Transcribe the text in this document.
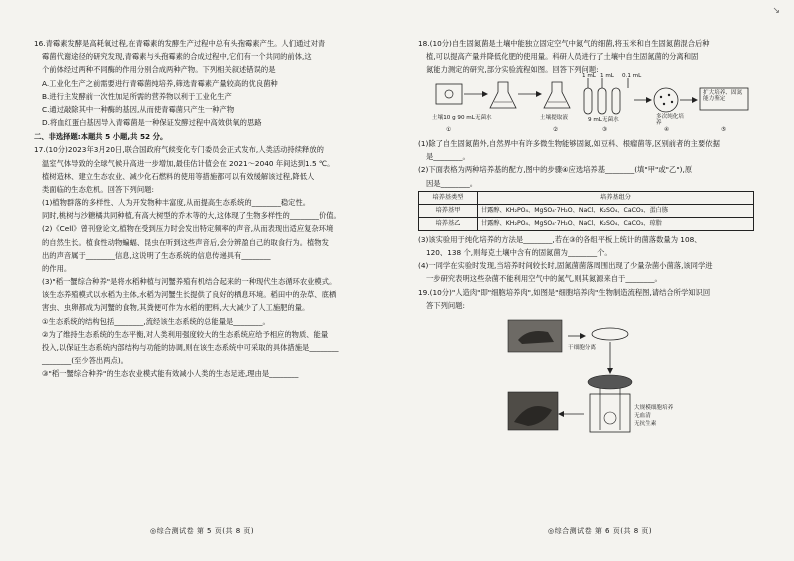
↘

16.青霉素发酵是高耗氧过程,在青霉素的发酵生产过程中总有头孢霉素产生。人们通过对青

霉菌代谢途径的研究发现,青霉素与头孢霉素的合成过程中,它们有一个共同的前体,这

个前体经过两种不同酶的作用分别合成两种产物。下列相关叙述错误的是

A.工业化生产之前需要进行青霉菌纯培养,筛选青霉素产量较高的优良菌种

B.进行主发酵前一次性加足所需的营养物以利于工业化生产

C.通过敲除其中一种酶的基因,从而使青霉菌只产生一种产物

D.将血红蛋白基因导入青霉菌是一种保证发酵过程中高效供氧的思路

二、非选择题:本题共 5 小题,共 52 分。

17.(10分)2023年3月20日,联合国政府气候变化专门委员会正式发布,人类活动持续释放的

温室气体导致的全球气候升高进一步增加,最佳估计值会在 2021～2040 年间达到1.5 ℃。

植树造林、建立生态农业、减少化石燃料的使用等措施都可以有效缓解该过程,降低人

类面临的生态危机。回答下列问题:

(1)植物群落的多样性、人为开发物种丰富度,从而提高生态系统的________稳定性。

同时,桃树与沙糖橘共同种植,有高大树型的乔木等的大,这体现了生物多样性的________价值。

(2)《Cell》曾刊登论文,植物在受到压力时会发出特定频率的声音,从而表现出适应复杂环境

的自然生长。植食性动物蝙蝠、昆虫在听到这些声音后,会分辨盈自己的取食行为。植物发

出的声音属于________信息,这说明了生态系统的信息传递具有________

的作用。

(3)"稻一蟹综合种养"是将水稻种植与河蟹养殖有机结合起来的一种现代生态循环农业模式。

该生态养殖模式以水稻为主体,水稻为河蟹生长提供了良好的栖息环境。稻田中的杂草、底栖

害虫、虫卵都成为河蟹的食物,其粪便可作为水稻的肥料,大大减少了人工施肥的量。

①生态系统的结构包括________,流经该生态系统的总能量是________。

②为了维持生态系统的生态平衡,对人类利用强度较大的生态系统应给予相应的物质、能量

投入,以保证生态系统内部结构与功能的协调,则在该生态系统中可采取的具体措施是________

________(至少答出两点)。

③"稻一蟹综合种养"的生态农业模式能有效减小人类的生态足迹,理由是________

◎综合测试卷 第 5 页(共 8 页)

18.(10分)自生固氮菌是土壤中能独立固定空气中氮气的细菌,将玉米和自生固氮菌混合后种

植,可以提高产量并降低化肥的使用量。科研人员进行了土壤中自生固氮菌的分离和固

氮能力测定的研究,部分实验流程如图。回答下列问题:

土壤10 g 90 mL无菌水	土壤提取液
1 mL 1 mL 0.1 mL
9 mL无菌水	多次纯化培养
扩大培养、固氮能力鉴定
①	②	③	④	⑤

(1)除了自生固氮菌外,自然界中有许多微生物能够固氮,如豆科、根瘤菌等,区别前者的主要依据

是________。

(2)下面表格为两种培养基的配方,图中的步骤④应选培养基________(填"甲"或"乙"),原

因是________。

培养基类型	培养基组分
培养基甲	甘露醇、KH₂PO₄、MgSO₄·7H₂O、NaCl、K₂SO₄、CaCO₃、蛋白胨
培养基乙	甘露醇、KH₂PO₄、MgSO₄·7H₂O、NaCl、K₂SO₄、CaCO₃、琼脂

(3)该实验用于纯化培养的方法是________,若在③的各组平板上统计的菌落数量为 108、

120、138 个,则每克土壤中含有的固氮菌为________个。

(4)一同学在实验时发现,当培养时间较长时,固氮菌菌落周围出现了少量杂菌小菌落,该同学进

一步研究表明这些杂菌不能利用空气中的氮气,则其氮源来自于________。

19.(10分)"人造肉"即"细胞培养肉",如图是"细胞培养肉"生物制造流程图,请结合所学知识回

答下列问题:

干细胞分离
大规模细胞培养
无血清
无抗生素
◎综合测试卷 第 6 页(共 8 页)
